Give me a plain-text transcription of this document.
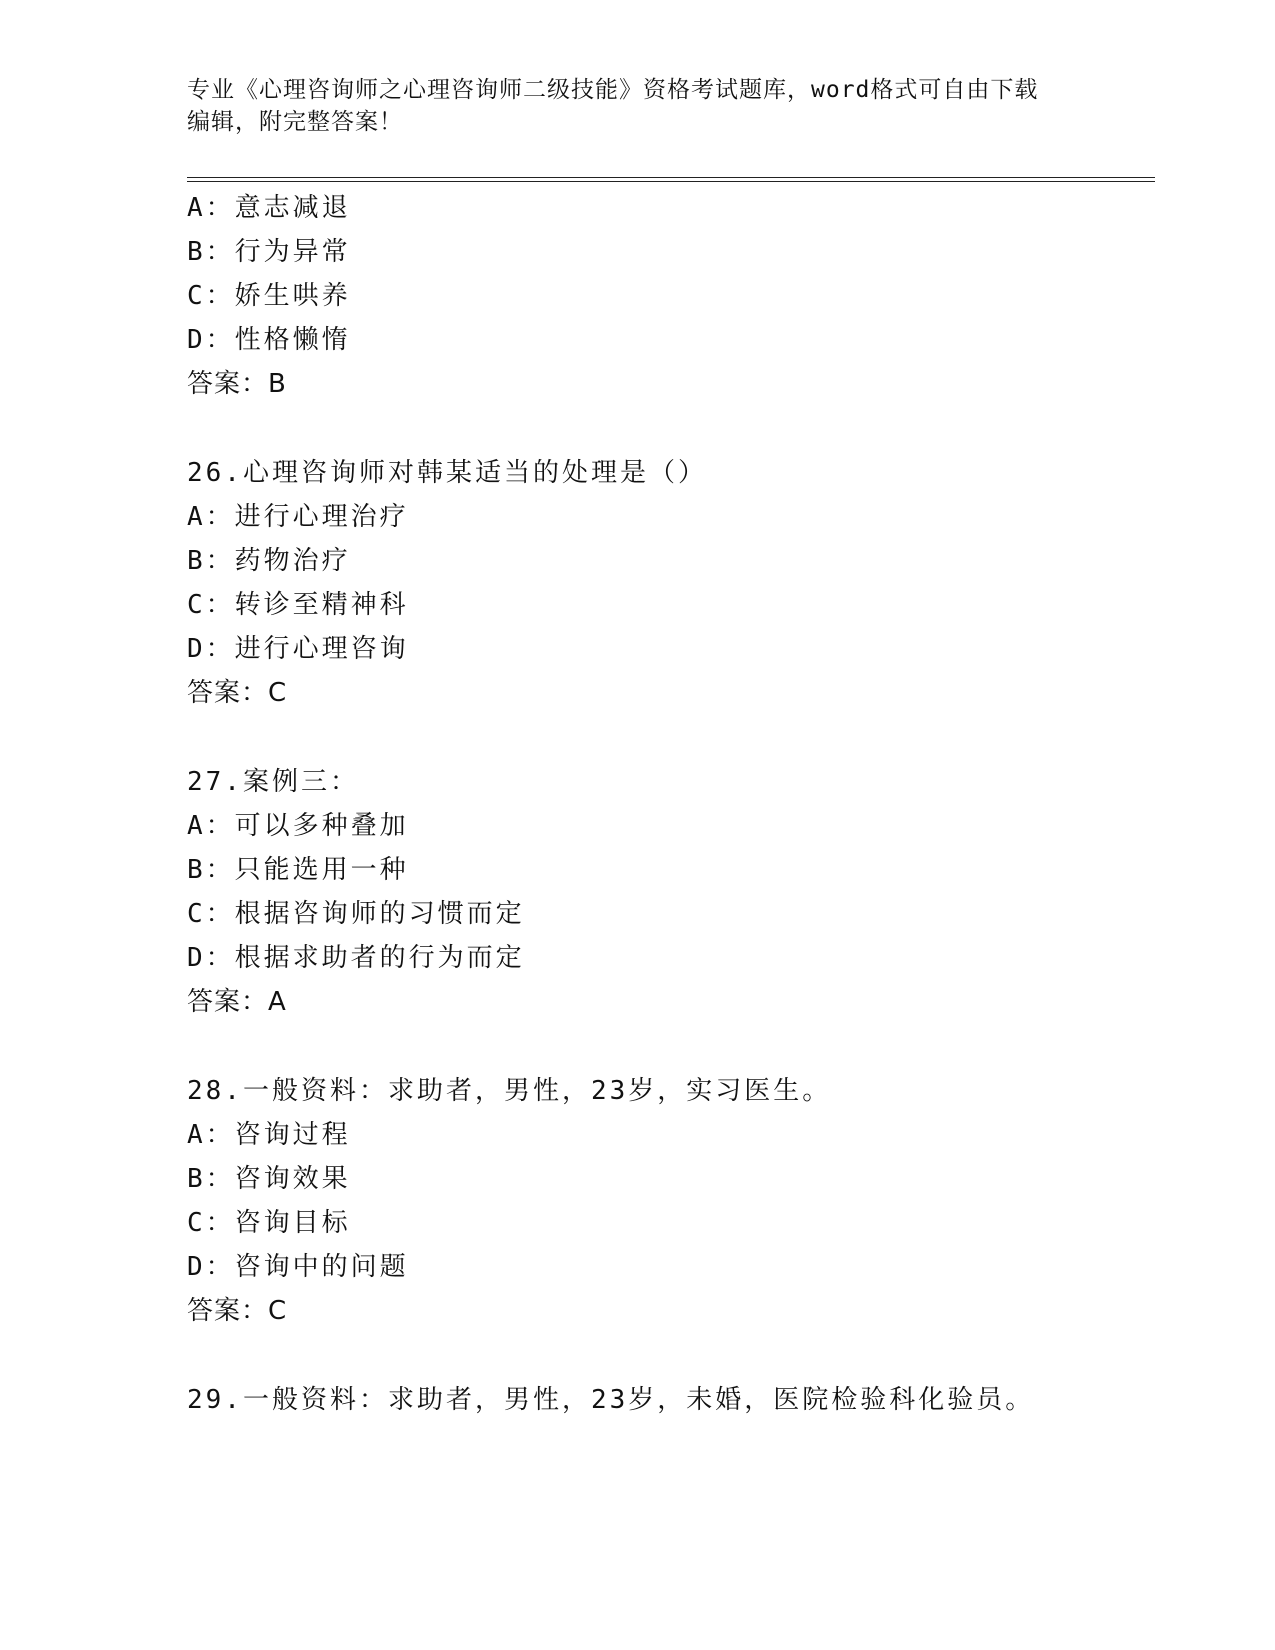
专业《心理咨询师之心理咨询师二级技能》资格考试题库，word格式可自由下载
编辑，附完整答案！
A：意志减退
B：行为异常
C：娇生哄养
D：性格懒惰
答案：B
26.心理咨询师对韩某适当的处理是（）
A：进行心理治疗
B：药物治疗
C：转诊至精神科
D：进行心理咨询
答案：C
27.案例三：
A：可以多种叠加
B：只能选用一种
C：根据咨询师的习惯而定
D：根据求助者的行为而定
答案：A
28.一般资料：求助者，男性，23岁，实习医生。
A：咨询过程
B：咨询效果
C：咨询目标
D：咨询中的问题
答案：C
29.一般资料：求助者，男性，23岁，未婚，医院检验科化验员。
